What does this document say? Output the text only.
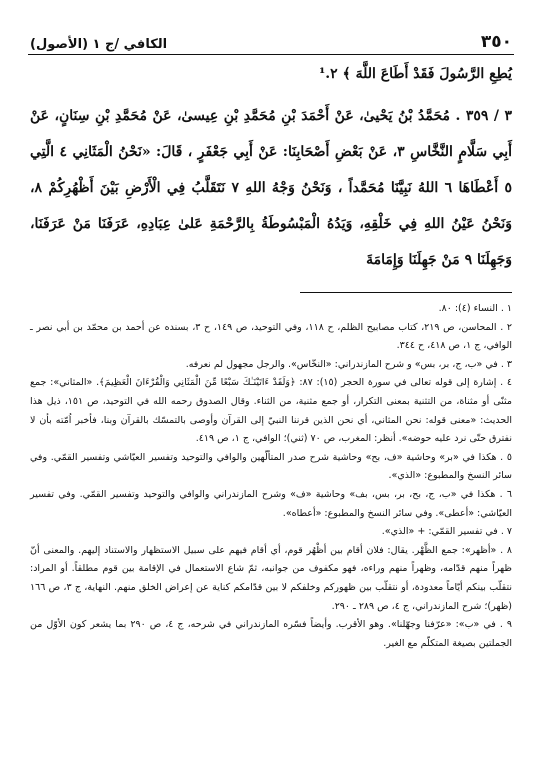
٣٥٠
الكافي /ج ١ (الأصول)

يُطِعِ الرَّسُولَ فَقَدْ أَطَاعَ اللَّهَ ﴾ ¹.٢

٣ / ٣٥٩ . مُحَمَّدُ بْنُ يَحْيىٰ، عَنْ أَحْمَدَ بْنِ مُحَمَّدِ بْنِ عِيسىٰ، عَنْ مُحَمَّدِ بْنِ سِنَانٍ، عَنْ أَبِي سَلَّامٍ النَّخَّاسِ ٣، عَنْ بَعْضِ أَصْحَابِنَا: عَنْ أَبِي جَعْفَرٍ ، قَالَ: «نَحْنُ الْمَثَانِي ٤ الَّتِي ٥ أَعْطَاهَا ٦ اللهُ نَبِيَّنَا مُحَمَّداً ، وَنَحْنُ وَجْهُ اللهِ ٧ نَتَقَلَّبُ فِي الْأَرْضِ بَيْنَ أَظْهُرِكُمْ ٨، وَنَحْنُ عَيْنُ اللهِ فِي خَلْقِهِ، وَيَدُهُ الْمَبْسُوطَةُ بِالرَّحْمَةِ عَلىٰ عِبَادِهِ، عَرَفَنَا مَنْ عَرَفَنَا، وَجَهِلَنَا ٩ مَنْ جَهِلَنَا وَإِمَامَةَ

١ . النساء (٤): ٨٠.

٢ . المحاسن، ص ٢١٩، كتاب مصابيح الظلم، ح ١١٨، وفي التوحيد، ص ١٤٩، ح ٣، بسنده عن أحمد بن محمّد بن أبي نصر ـ الوافي، ج ١، ص ٤١٨، ح ٣٤٤.

٣ . في «ب، ج، بر، بس» و شرح المازندراني: «النخّاس». والرجل مجهول لم نعرفه.

٤ . إشارة إلى قوله تعالى في سورة الحجر (١٥): ٨٧: ﴿وَلَقَدْ ءَاتَيْنَـٰكَ سَبْعًا مِّنَ الْمَثَانِي وَالْقُرْءَانَ الْعَظِيمَ﴾. «المثاني»: جمع مثنّى أو مثناة، من التثنية بمعنى التكرار، أو جمع مثنية، من الثناء. وقال الصدوق رحمه الله في التوحيد، ص ١٥١، ذيل هذا الحديث: «معنى قوله: نحن المثاني، أي نحن الذين قرننا النبيّ إلى القرآن وأوصى بالتمسّك بالقرآن وبنا، فأخبر اُمّته بأن لا نفترق حتّى نرد عليه حوضه». أنظر: المغرب، ص ٧٠ (ثني)؛ الوافي، ج ١، ص ٤١٩.

٥ . هكذا في «بر» وحاشية «ف، بح» وحاشية شرح صدر المتألّهين والوافي والتوحيد وتفسير العيّاشي وتفسير القمّي. وفي سائر النسخ والمطبوع: «الذي».

٦ . هكذا في «ب، ج، بح، بر، بس، بف» وحاشية «ف» وشرح المازندراني والوافي والتوحيد وتفسير القمّي. وفي تفسير العيّاشي: «أعطى». وفي سائر النسخ والمطبوع: «أعطاه».

٧ . في تفسير القمّي: + «الذي».

٨ . «أظهر»: جمع الظَّهْر. يقال: فلان أقام بين أظْهُر قوم، أي أقام فيهم على سبيل الاستظهار والاستناد إليهم. والمعنى أنّ ظهراً منهم قدّامه، وظهراً منهم وراءه، فهو مكفوف من جوانبه، ثمّ شاع الاستعمال في الإقامة بين قوم مطلقاً. أو المراد: نتقلّب بينكم أيّاماً معدودة، أو نتقلّب بين ظهوركم وخلفكم لا بين قدّامكم كناية عن إعراض الخلق منهم. النهاية، ج ٣، ص ١٦٦ (ظهر)؛ شرح المازندراني، ج ٤، ص ٢٨٩ ـ ٢٩٠.

٩ . في «ب»: «عرّفنا وجهّلنا». وهو الأقرب. وأيضاً فسّره المازندراني في شرحه، ج ٤، ص ٢٩٠ بما يشعر كون الأوّل من الجملتين بصيغة المتكلّم مع الغير.
